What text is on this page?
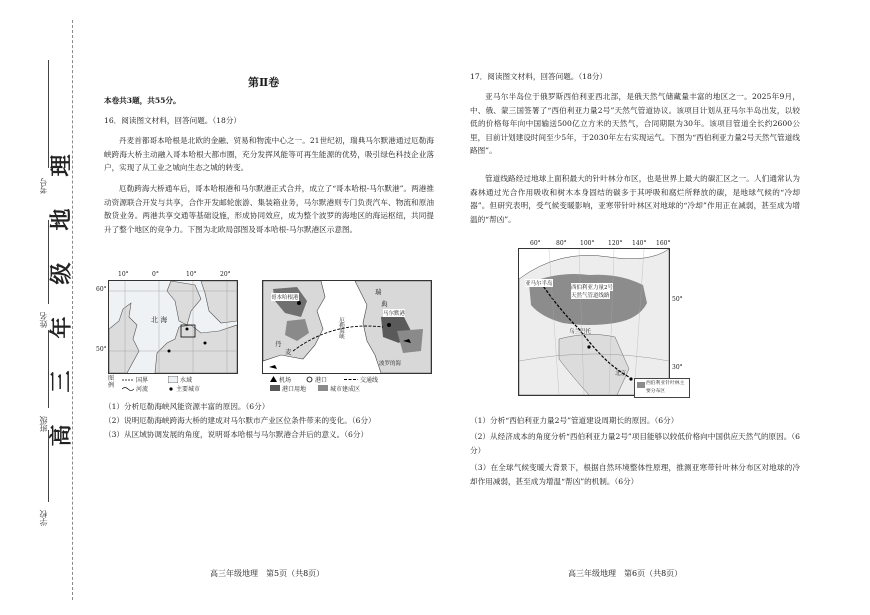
考号
姓名
班级
学校
高
三
年
级
地
理
第Ⅱ卷
本卷共3题，共55分。
16．阅读图文材料，回答问题。（18分）
丹麦首都哥本哈根是北欧的金融、贸易和物流中心之一。21世纪初，瑞典马尔默港通过厄勒海峡跨海大桥主动融入哥本哈根大都市圈，充分发挥风能等可再生能源的优势，吸引绿色科技企业落户，实现了从工业之城向生态之城的转变。
厄勒跨海大桥通车后，哥本哈根港和马尔默港正式合并，成立了“哥本哈根-马尔默港”。两港推动资源联合开发与共享，合作开发邮轮旅游、集装箱业务，马尔默港则专门负责汽车、物流和原油散货业务。两港共享交通等基础设施，形成协同效应，成为整个波罗的海地区的海运枢纽，共同提升了整个地区的竞争力。下图为北欧局部图及哥本哈根-马尔默港区示意图。
北 海
10°	0°	10°	20°
60°
50°
图 例
国界	水域
河流	主要城市
哥本哈根港
丹
麦
马尔默港
瑞
典
厄勒海峡
波罗的海
机场	港口	交通线
港口用地	城市建成区
（1）分析厄勒海峡风能资源丰富的原因。（6分）
（2）说明厄勒海峡跨海大桥的建成对马尔默市产业区位条件带来的变化。（6分）
（3）从区域协调发展的角度，说明哥本哈根与马尔默港合并后的意义。（6分）
高三年级地理　第5页（共8页）
17．阅读图文材料，回答问题。（18分）
亚马尔半岛位于俄罗斯西伯利亚西北部，是俄天然气储藏量丰富的地区之一。2025年9月，中、俄、蒙三国签署了“西伯利亚力量2号”天然气管道协议。该项目计划从亚马尔半岛出发，以较低的价格每年向中国输送500亿立方米的天然气，合同期限为30年。该项目管道全长约2600公里，目前计划建设时间至少5年，于2030年左右实现运气。下图为“西伯利亚力量2号天然气管道线路图”。
管道线路经过地球上面积最大的针叶林分布区，也是世界上最大的碳汇区之一。人们通常认为森林通过光合作用吸收和树木本身固结的碳多于其呼吸和腐烂所释放的碳，是地球气候的“冷却器”。但研究表明，受气候变暖影响，亚寒带针叶林区对地球的“冷却”作用正在减弱，甚至成为增温的“帮凶”。
亚马尔半岛
西伯利亚力量2号
天然气管道线路
乌兰巴托
北京
60°	80° 100° 120° 140° 160°
50°
30°
西伯利亚针叶林主要分布区
（1）分析“西伯利亚力量2号”管道建设周期长的原因。（6分）
（2）从经济成本的角度分析“西伯利亚力量2号”项目能够以较低价格向中国供应天然气的原因。（6分）
（3）在全球气候变暖大背景下，根据自然环境整体性原理，推测亚寒带针叶林分布区对地球的冷却作用减弱，甚至成为增温“帮凶”的机制。（6分）
高三年级地理　第6页（共8页）
